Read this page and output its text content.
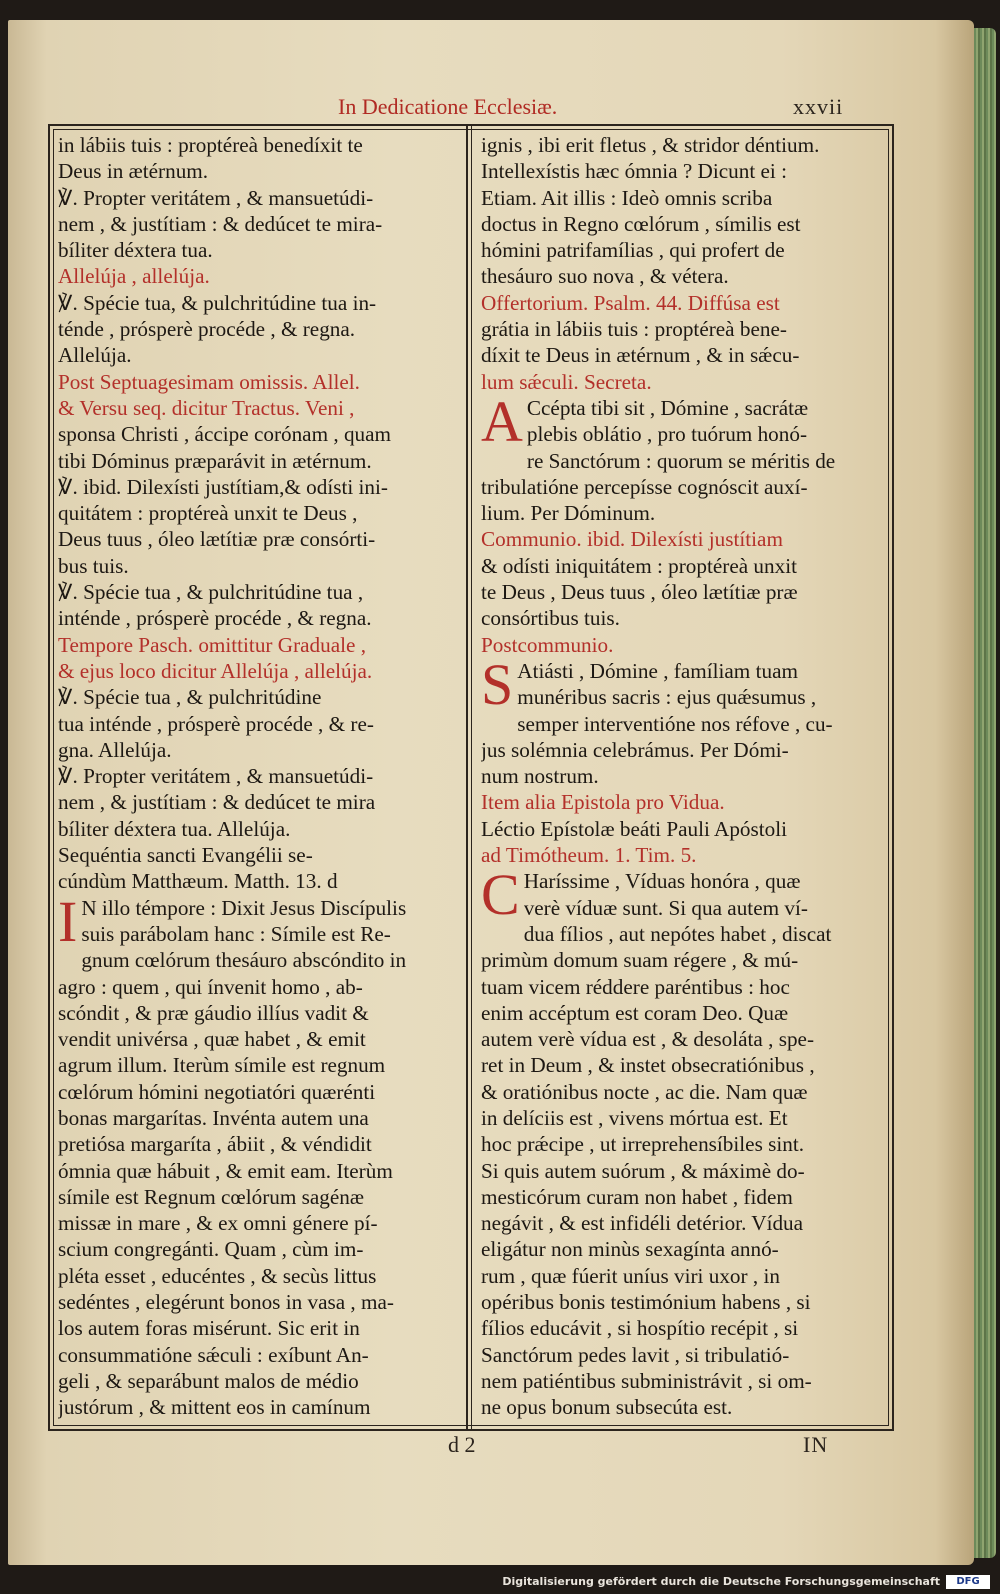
In Dedicatione Ecclesiæ.	xxvii
in lábiis tuis : proptéreà benedíxit te
Deus in ætérnum.
℣. Propter veritátem , & mansuetúdi-
nem , & justítiam : & dedúcet te mira-
bíliter déxtera tua.
Allelúja , allelúja.
℣. Spécie tua, & pulchritúdine tua in-
ténde , prósperè procéde , & regna.
Allelúja.
Post Septuagesimam omissis. Allel.
& Versu seq. dicitur Tractus. Veni ,
sponsa Christi , áccipe corónam , quam
tibi Dóminus præparávit in ætérnum.
℣. ibid. Dilexísti justítiam,& odísti ini-
quitátem : proptéreà unxit te Deus ,
Deus tuus , óleo lætítiæ præ consórti-
bus tuis.
℣. Spécie tua , & pulchritúdine tua ,
inténde , prósperè procéde , & regna.
Tempore Pasch. omittitur Graduale ,
& ejus loco dicitur Allelúja , allelúja.
℣. Spécie tua , & pulchritúdine
tua inténde , prósperè procéde , & re-
gna. Allelúja.
℣. Propter veritátem , & mansuetúdi-
nem , & justítiam : & dedúcet te mira
bíliter déxtera tua. Allelúja.
Sequéntia sancti Evangélii se-
cúndùm Matthæum. Matth. 13. d
I N illo témpore : Dixit Jesus Discípulis
suis parábolam hanc : Símile est Re-
gnum cœlórum thesáuro abscóndito in
agro : quem , qui ínvenit homo , ab-
scóndit , & præ gáudio illíus vadit &
vendit univérsa , quæ habet , & emit
agrum illum. Iterùm símile est regnum
cœlórum hómini negotiatóri quærénti
bonas margarítas. Invénta autem una
pretiósa margaríta , ábiit , & véndidit
ómnia quæ hábuit , & emit eam. Iterùm
símile est Regnum cœlórum sagénæ
missæ in mare , & ex omni génere pí-
scium congregánti. Quam , cùm im-
pléta esset , educéntes , & secùs littus
sedéntes , elegérunt bonos in vasa , ma-
los autem foras misérunt. Sic erit in
consummatióne sǽculi : exíbunt An-
geli , & separábunt malos de médio
justórum , & mittent eos in camínum
ignis , ibi erit fletus , & stridor déntium.
Intellexístis hæc ómnia ? Dicunt ei :
Etiam. Ait illis : Ideò omnis scriba
doctus in Regno cœlórum , símilis est
hómini patrifamílias , qui profert de
thesáuro suo nova , & vétera.
Offertorium. Psalm. 44. Diffúsa est
grátia in lábiis tuis : proptéreà bene-
díxit te Deus in ætérnum , & in sǽcu-
lum sǽculi. Secreta.
A Ccépta tibi sit , Dómine , sacrátæ
plebis oblátio , pro tuórum honó-
re Sanctórum : quorum se méritis de
tribulatióne percepísse cognóscit auxí-
lium. Per Dóminum.
Communio. ibid. Dilexísti justítiam
& odísti iniquitátem : proptéreà unxit
te Deus , Deus tuus , óleo lætítiæ præ
consórtibus tuis.
Postcommunio.
S Atiásti , Dómine , famíliam tuam
munéribus sacris : ejus quǽsumus ,
semper interventióne nos réfove , cu-
jus solémnia celebrámus. Per Dómi-
num nostrum.
Item alia Epistola pro Vidua.
Léctio Epístolæ beáti Pauli Apóstoli
ad Timótheum. 1. Tim. 5.
C Haríssime , Víduas honóra , quæ
verè víduæ sunt. Si qua autem ví-
dua fílios , aut nepótes habet , discat
primùm domum suam régere , & mú-
tuam vicem réddere paréntibus : hoc
enim accéptum est coram Deo. Quæ
autem verè vídua est , & desoláta , spe-
ret in Deum , & instet obsecratiónibus ,
& oratiónibus nocte , ac die. Nam quæ
in delíciis est , vivens mórtua est. Et
hoc prǽcipe , ut irreprehensíbiles sint.
Si quis autem suórum , & máximè do-
mesticórum curam non habet , fidem
negávit , & est infidéli detérior. Vídua
eligátur non minùs sexagínta annó-
rum , quæ fúerit uníus viri uxor , in
opéribus bonis testimónium habens , si
fílios educávit , si hospítio recépit , si
Sanctórum pedes lavit , si tribulatió-
nem patiéntibus subministrávit , si om-
ne opus bonum subsecúta est.
d 2	IN
Digitalisierung gefördert durch die Deutsche Forschungsgemeinschaft	DFG
